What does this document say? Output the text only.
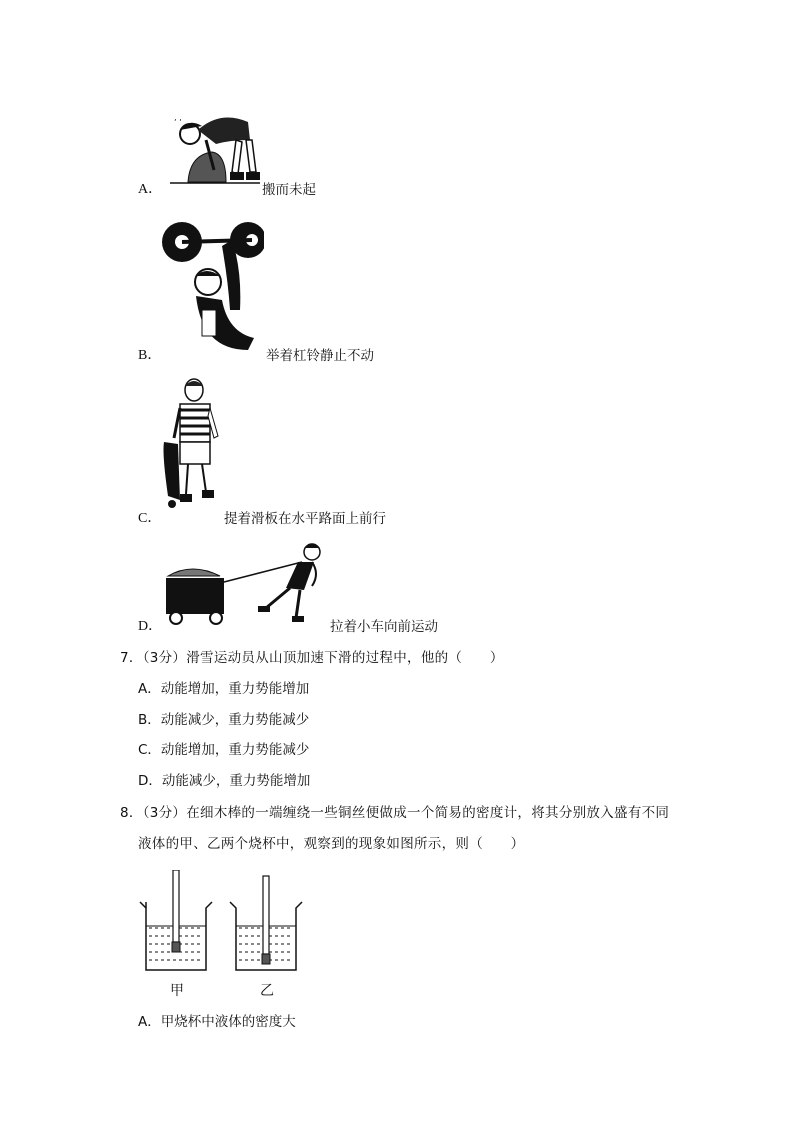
A．
‚ ‚
搬而未起
B．	举着杠铃静止不动
C．	提着滑板在水平路面上前行
D．	拉着小车向前运动
7．（3分）滑雪运动员从山顶加速下滑的过程中，他的（　　）
A．动能增加，重力势能增加
B．动能减少，重力势能减少
C．动能增加，重力势能减少
D．动能减少，重力势能增加
8．（3分）在细木棒的一端缠绕一些铜丝便做成一个简易的密度计，将其分别放入盛有不同
液体的甲、乙两个烧杯中，观察到的现象如图所示，则（　　）
甲	乙
A．甲烧杯中液体的密度大
